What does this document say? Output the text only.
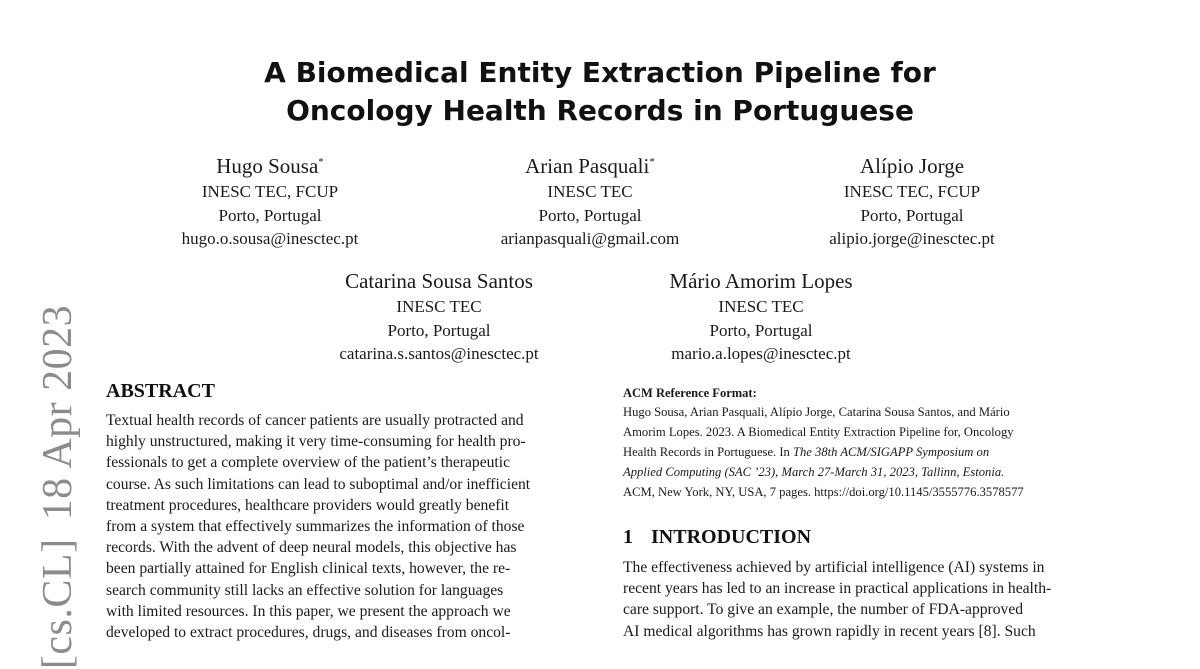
[cs.CL]18 Apr 2023
A Biomedical Entity Extraction Pipeline for
Oncology Health Records in Portuguese
Hugo Sousa*
INESC TEC, FCUP
Porto, Portugal
hugo.o.sousa@inesctec.pt
Arian Pasquali*
INESC TEC
Porto, Portugal
arianpasquali@gmail.com
Alípio Jorge
INESC TEC, FCUP
Porto, Portugal
alipio.jorge@inesctec.pt
Catarina Sousa Santos
INESC TEC
Porto, Portugal
catarina.s.santos@inesctec.pt
Mário Amorim Lopes
INESC TEC
Porto, Portugal
mario.a.lopes@inesctec.pt
ABSTRACT
Textual health records of cancer patients are usually protracted and
highly unstructured, making it very time-consuming for health pro-
fessionals to get a complete overview of the patient’s therapeutic
course. As such limitations can lead to suboptimal and/or inefficient
treatment procedures, healthcare providers would greatly benefit
from a system that effectively summarizes the information of those
records. With the advent of deep neural models, this objective has
been partially attained for English clinical texts, however, the re-
search community still lacks an effective solution for languages
with limited resources. In this paper, we present the approach we
developed to extract procedures, drugs, and diseases from oncol-
ACM Reference Format:
Hugo Sousa, Arian Pasquali, Alípio Jorge, Catarina Sousa Santos, and Mário
Amorim Lopes. 2023. A Biomedical Entity Extraction Pipeline for, Oncology
Health Records in Portuguese. In The 38th ACM/SIGAPP Symposium on
Applied Computing (SAC ’23), March 27-March 31, 2023, Tallinn, Estonia.
ACM, New York, NY, USA, 7 pages. https://doi.org/10.1145/3555776.3578577
1 INTRODUCTION
The effectiveness achieved by artificial intelligence (AI) systems in
recent years has led to an increase in practical applications in health-
care support. To give an example, the number of FDA-approved
AI medical algorithms has grown rapidly in recent years [8]. Such
